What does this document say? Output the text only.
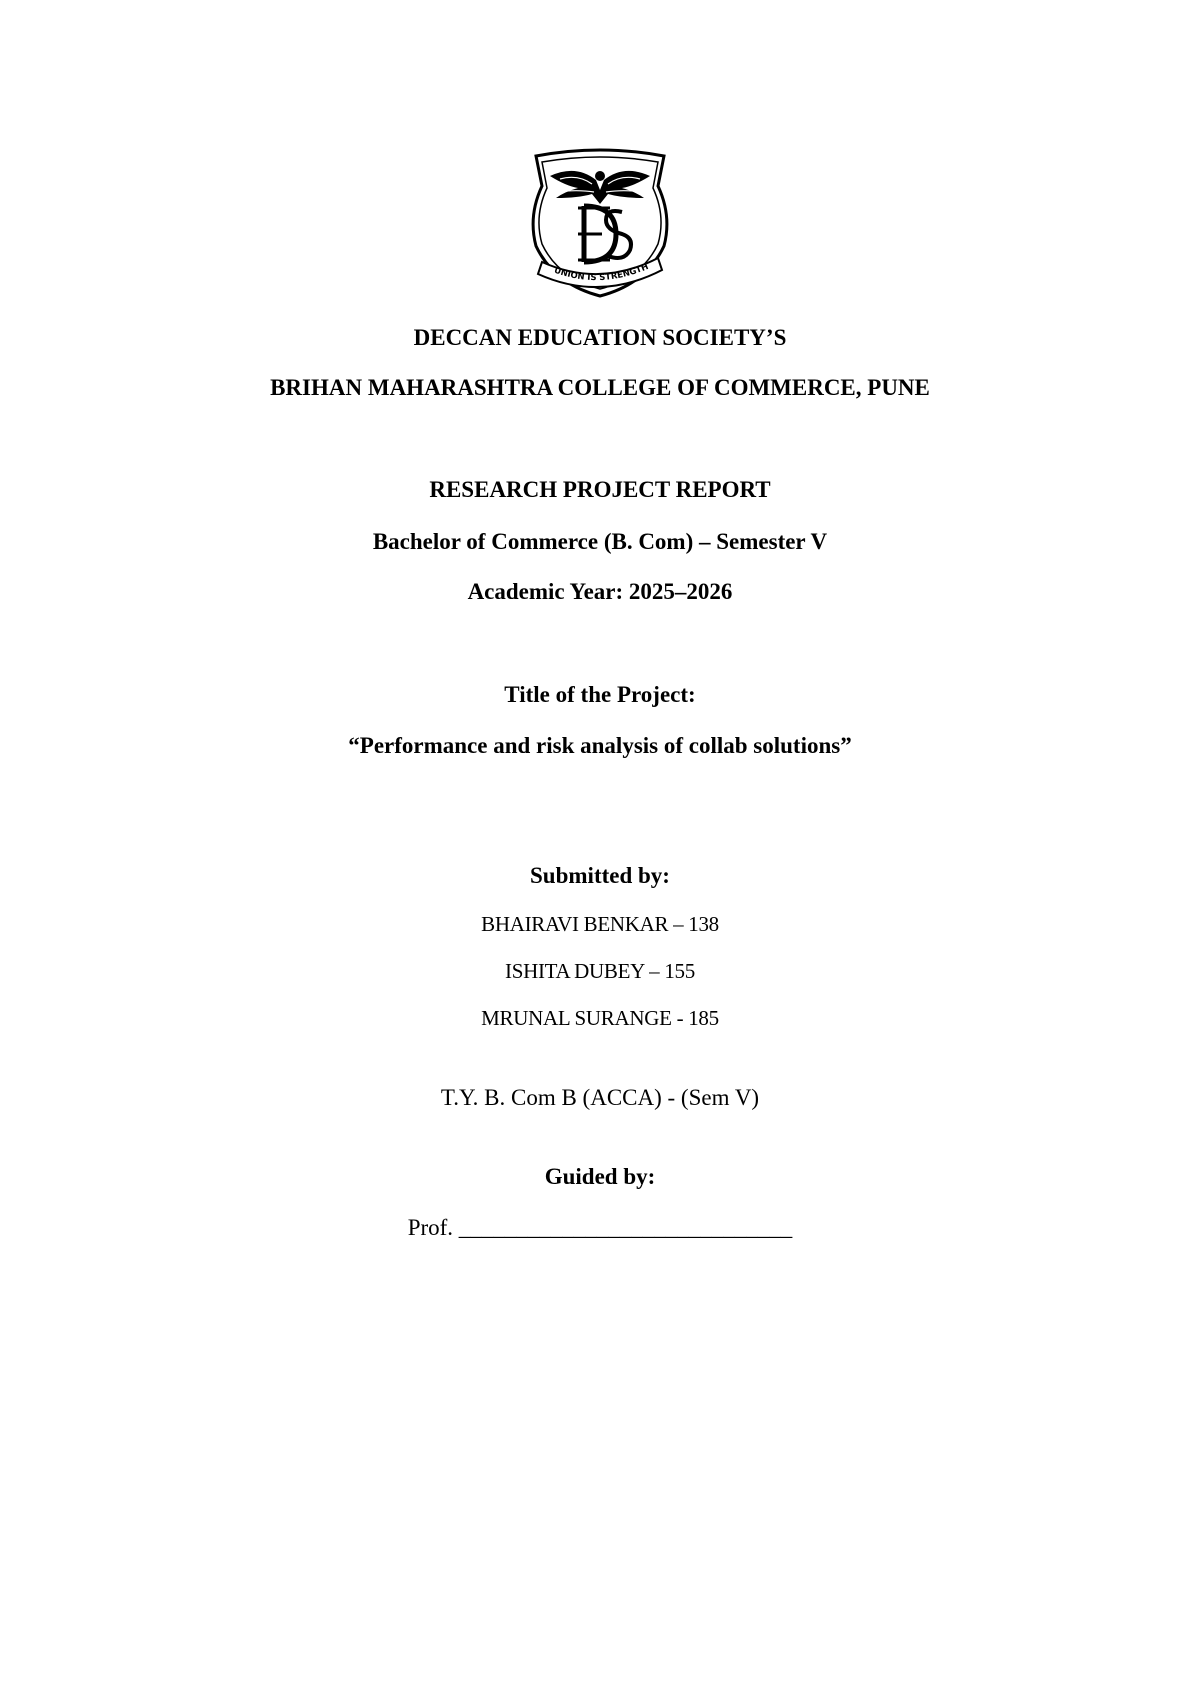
UNION IS STRENGTH
DECCAN EDUCATION SOCIETY’S
BRIHAN MAHARASHTRA COLLEGE OF COMMERCE, PUNE
RESEARCH PROJECT REPORT
Bachelor of Commerce (B. Com) – Semester V
Academic Year: 2025–2026
Title of the Project:
“Performance and risk analysis of collab solutions”
Submitted by:
BHAIRAVI BENKAR – 138
ISHITA DUBEY – 155
MRUNAL SURANGE - 185
T.Y. B. Com B (ACCA) - (Sem V)
Guided by:
Prof. _____________________________
